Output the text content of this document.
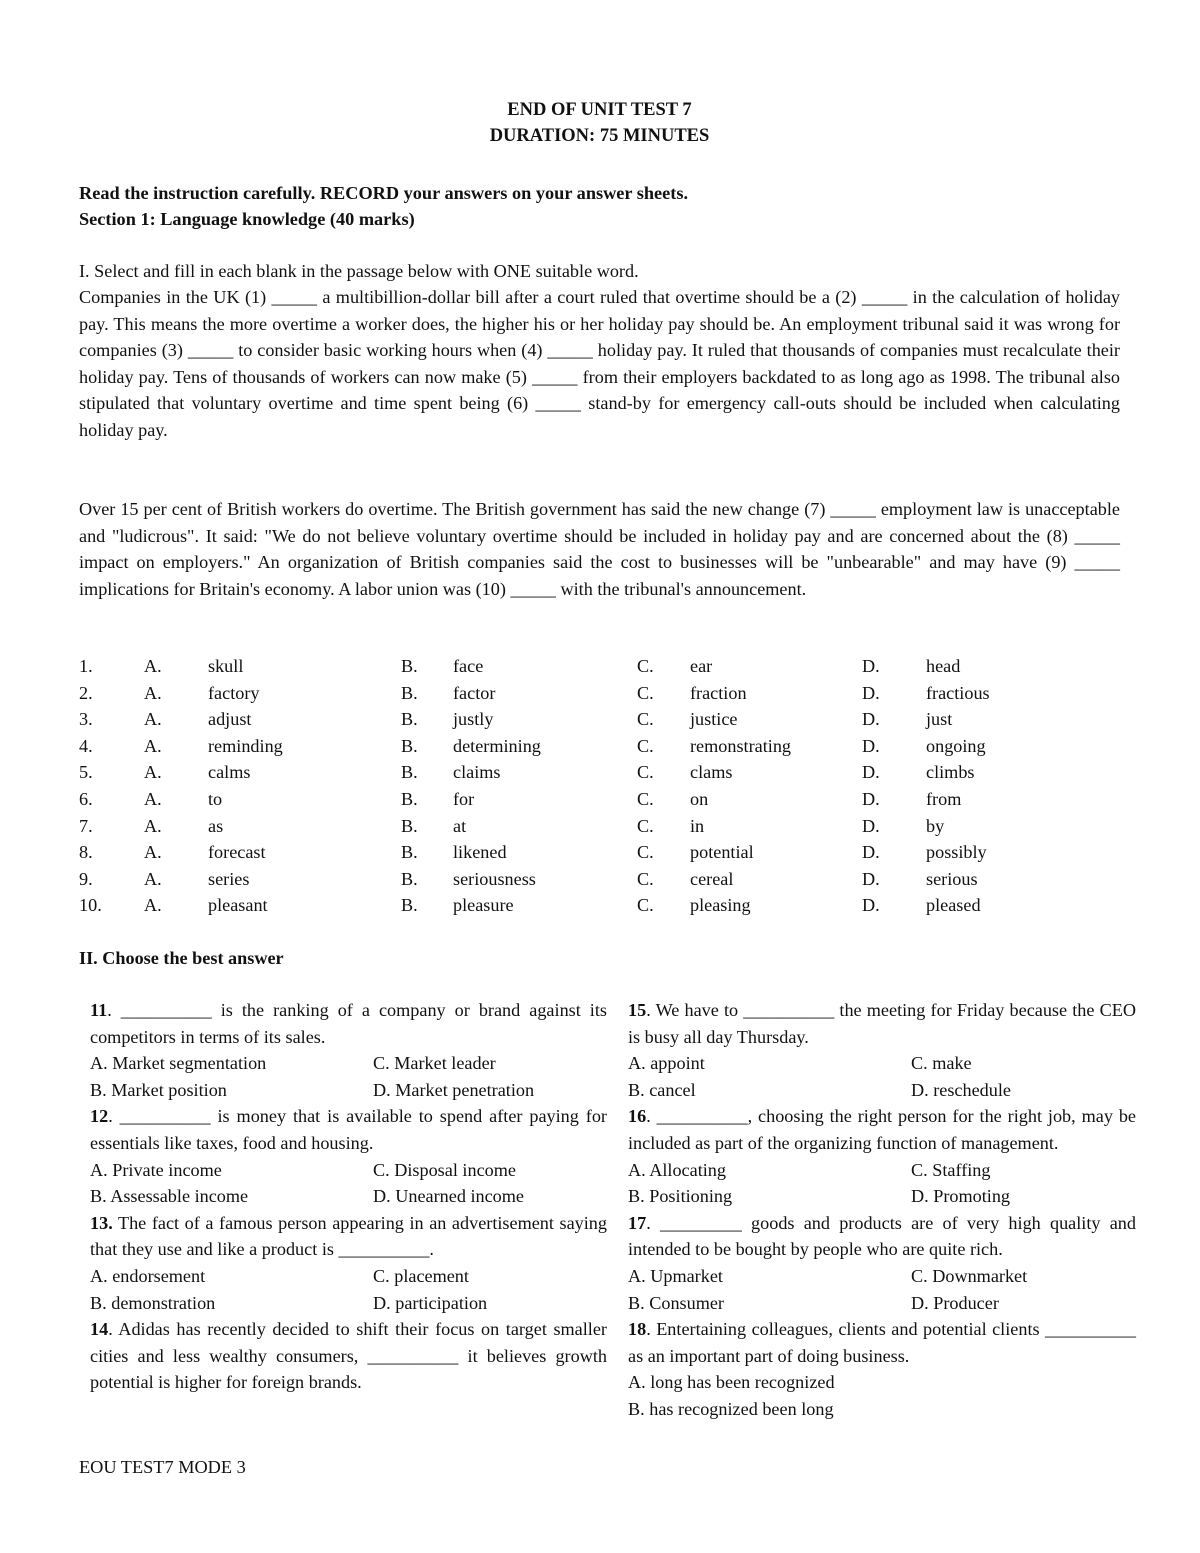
END OF UNIT TEST 7
DURATION: 75 MINUTES
Read the instruction carefully. RECORD your answers on your answer sheets.
Section 1: Language knowledge (40 marks)
I. Select and fill in each blank in the passage below with ONE suitable word.
Companies in the UK (1) _____ a multibillion-dollar bill after a court ruled that overtime should be a (2) _____ in the calculation of holiday pay. This means the more overtime a worker does, the higher his or her holiday pay should be. An employment tribunal said it was wrong for companies (3) _____ to consider basic working hours when (4) _____ holiday pay. It ruled that thousands of companies must recalculate their holiday pay. Tens of thousands of workers can now make (5) _____ from their employers backdated to as long ago as 1998. The tribunal also stipulated that voluntary overtime and time spent being (6) _____ stand-by for emergency call-outs should be included when calculating holiday pay.
Over 15 per cent of British workers do overtime. The British government has said the new change (7) _____ employment law is unacceptable and "ludicrous". It said: "We do not believe voluntary overtime should be included in holiday pay and are concerned about the (8) _____ impact on employers." An organization of British companies said the cost to businesses will be "unbearable" and may have (9) _____ implications for Britain's economy. A labor union was (10) _____ with the tribunal's announcement.
1.	A.	skull	B. face	C. ear	D.	head
2.	A.	factory	B. factor	C. fraction	D.	fractious
3.	A.	adjust	B. justly	C. justice	D.	just
4.	A.	reminding	B. determining	C. remonstrating	D.	ongoing
5.	A.	calms	B. claims	C. clams	D.	climbs
6.	A.	to	B. for	C. on	D.	from
7.	A.	as	B. at	C. in	D.	by
8.	A.	forecast	B. likened	C. potential	D.	possibly
9.	A.	series	B. seriousness	C. cereal	D.	serious
10. A.	pleasant	B. pleasure	C. pleasing	D.	pleased
II. Choose the best answer
11. __________ is the ranking of a company or brand against its competitors in terms of its sales.
A. Market segmentation	C. Market leader
B. Market position	D. Market penetration
12. __________ is money that is available to spend after paying for essentials like taxes, food and housing.
A. Private income	C. Disposal income
B. Assessable income	D. Unearned income
13. The fact of a famous person appearing in an advertisement saying that they use and like a product is __________.
A. endorsement	C. placement
B. demonstration	D. participation
14. Adidas has recently decided to shift their focus on target smaller cities and less wealthy consumers, __________ it believes growth potential is higher for foreign brands.
15. We have to __________ the meeting for Friday because the CEO is busy all day Thursday.
A. appoint	C. make
B. cancel	D. reschedule
16. __________, choosing the right person for the right job, may be included as part of the organizing function of management.
A. Allocating	C. Staffing
B. Positioning	D. Promoting
17. _________ goods and products are of very high quality and intended to be bought by people who are quite rich.
A. Upmarket	C. Downmarket
B. Consumer	D. Producer
18. Entertaining colleagues, clients and potential clients __________ as an important part of doing business.
A. long has been recognized
B. has recognized been long
EOU TEST7 MODE 3
